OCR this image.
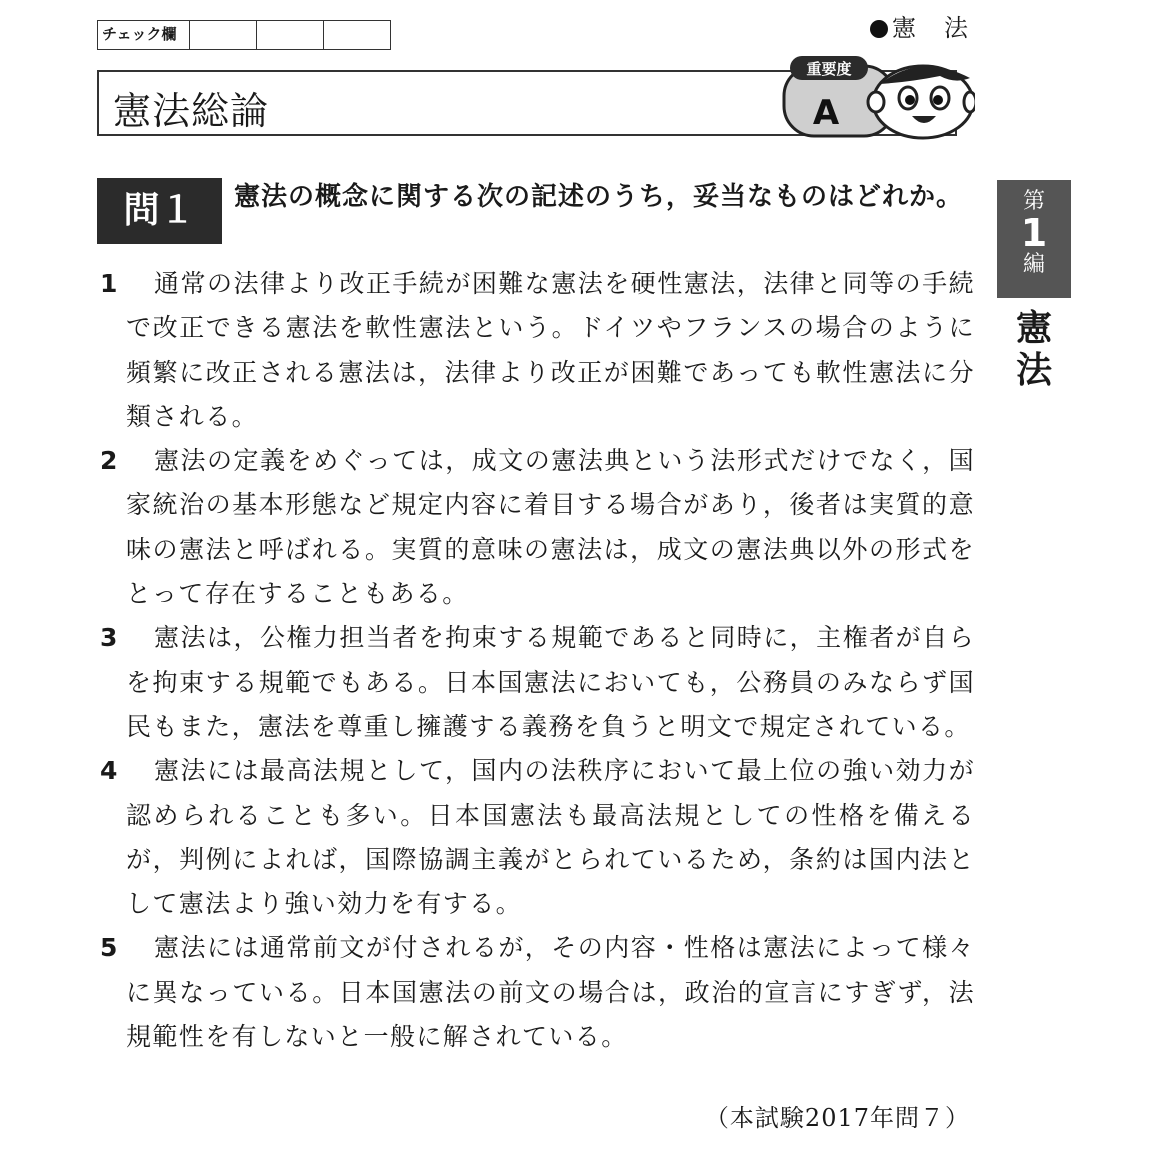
チェック欄	憲　法
憲法総論
重要度
A
問１	憲法の概念に関する次の記述のうち，妥当なものはどれか。	第
1
編
憲法
1	通常の法律より改正手続が困難な憲法を硬性憲法，法律と同等の手続で改正できる憲法を軟性憲法という。ドイツやフランスの場合のように頻繁に改正される憲法は，法律より改正が困難であっても軟性憲法に分類される。
2	憲法の定義をめぐっては，成文の憲法典という法形式だけでなく，国家統治の基本形態など規定内容に着目する場合があり，後者は実質的意味の憲法と呼ばれる。実質的意味の憲法は，成文の憲法典以外の形式をとって存在することもある。
3	憲法は，公権力担当者を拘束する規範であると同時に，主権者が自らを拘束する規範でもある。日本国憲法においても，公務員のみならず国民もまた，憲法を尊重し擁護する義務を負うと明文で規定されている。
4	憲法には最高法規として，国内の法秩序において最上位の強い効力が認められることも多い。日本国憲法も最高法規としての性格を備えるが，判例によれば，国際協調主義がとられているため，条約は国内法として憲法より強い効力を有する。
5	憲法には通常前文が付されるが，その内容・性格は憲法によって様々に異なっている。日本国憲法の前文の場合は，政治的宣言にすぎず，法規範性を有しないと一般に解されている。
（本試験2017年問７）
